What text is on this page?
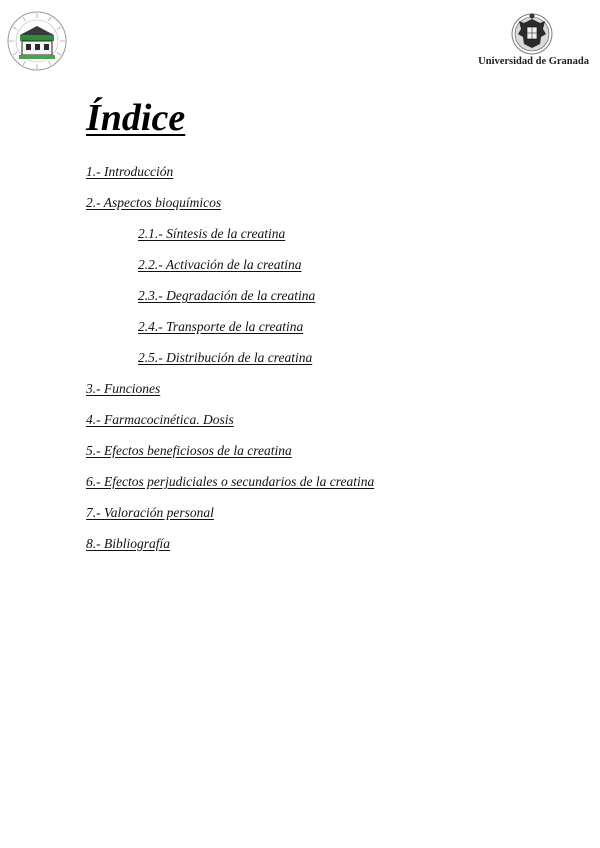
Universidad de Granada
Índice
1.- Introducción
2.- Aspectos bioquímicos
2.1.- Síntesis de la creatina
2.2.- Activación de la creatina
2.3.- Degradación de la creatina
2.4.- Transporte de la creatina
2.5.- Distribución de la creatina
3.- Funciones
4.- Farmacocinética. Dosis
5.- Efectos beneficiosos de la creatina
6.- Efectos perjudiciales o secundarios de la creatina
7.- Valoración personal
8.- Bibliografía
